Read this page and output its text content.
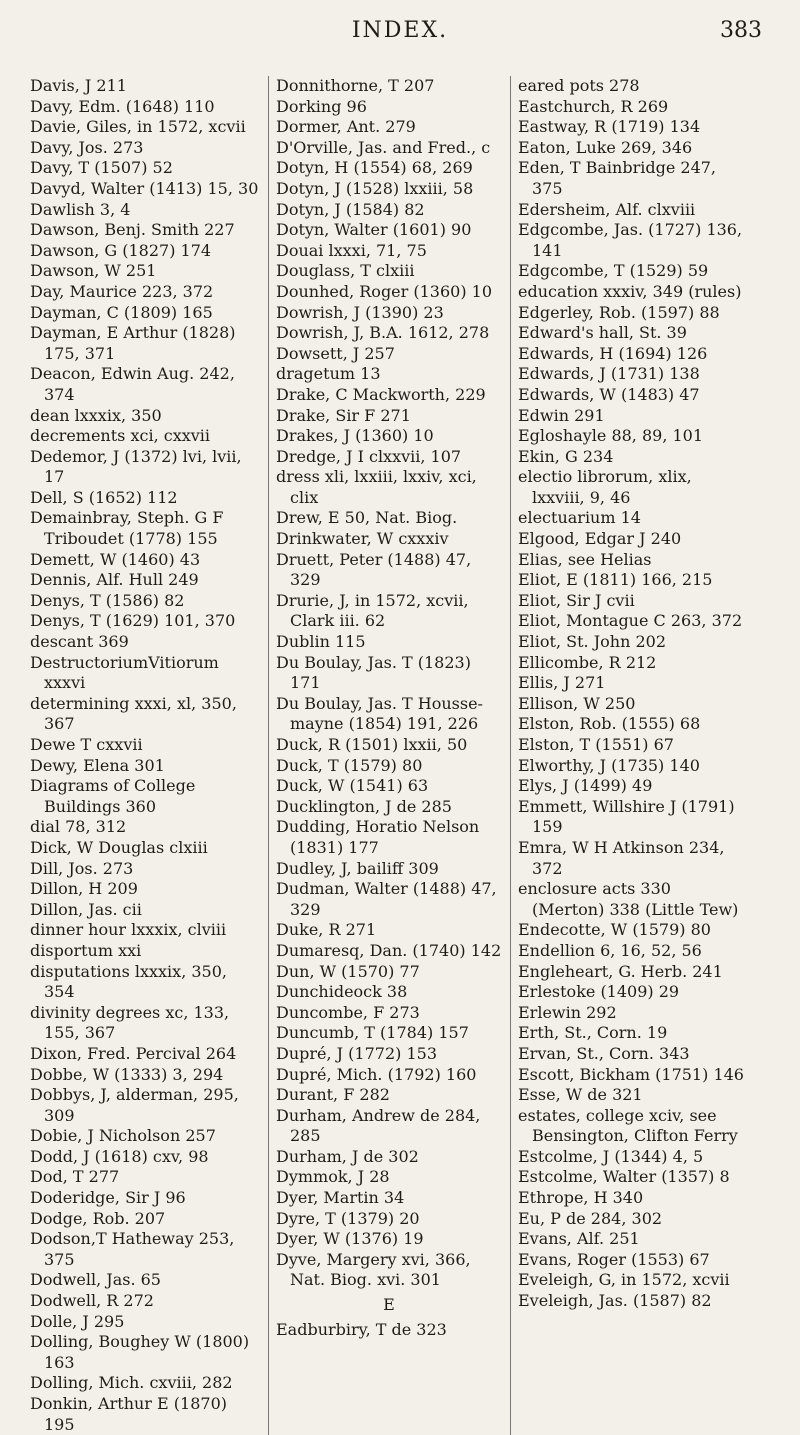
INDEX.	383
Davis, J 211
Davy, Edm. (1648) 110
Davie, Giles, in 1572, xcvii
Davy, Jos. 273
Davy, T (1507) 52
Davyd, Walter (1413) 15, 30
Dawlish 3, 4
Dawson, Benj. Smith 227
Dawson, G (1827) 174
Dawson, W 251
Day, Maurice 223, 372
Dayman, C (1809) 165
Dayman, E Arthur (1828) 175, 371
Deacon, Edwin Aug. 242, 374
dean lxxxix, 350
decrements xci, cxxvii
Dedemor, J (1372) lvi, lvii, 17
Dell, S (1652) 112
Demainbray, Steph. G F Triboudet (1778) 155
Demett, W (1460) 43
Dennis, Alf. Hull 249
Denys, T (1586) 82
Denys, T (1629) 101, 370
descant 369
DestructoriumVitiorum xxxvi
determining xxxi, xl, 350, 367
Dewe T cxxvii
Dewy, Elena 301
Diagrams of College Buildings 360
dial 78, 312
Dick, W Douglas clxiii
Dill, Jos. 273
Dillon, H 209
Dillon, Jas. cii
dinner hour lxxxix, clviii
disportum xxi
disputations lxxxix, 350, 354
divinity degrees xc, 133, 155, 367
Dixon, Fred. Percival 264
Dobbe, W (1333) 3, 294
Dobbys, J, alderman, 295, 309
Dobie, J Nicholson 257
Dodd, J (1618) cxv, 98
Dod, T 277
Doderidge, Sir J 96
Dodge, Rob. 207
Dodson,T Hatheway 253, 375
Dodwell, Jas. 65
Dodwell, R 272
Dolle, J 295
Dolling, Boughey W (1800) 163
Dolling, Mich. cxviii, 282
Donkin, Arthur E (1870) 195
Donnithorne, T 207
Dorking 96
Dormer, Ant. 279
D'Orville, Jas. and Fred., c
Dotyn, H (1554) 68, 269
Dotyn, J (1528) lxxiii, 58
Dotyn, J (1584) 82
Dotyn, Walter (1601) 90
Douai lxxxi, 71, 75
Douglass, T clxiii
Dounhed, Roger (1360) 10
Dowrish, J (1390) 23
Dowrish, J, B.A. 1612, 278
Dowsett, J 257
dragetum 13
Drake, C Mackworth, 229
Drake, Sir F 271
Drakes, J (1360) 10
Dredge, J I clxxvii, 107
dress xli, lxxiii, lxxiv, xci, clix
Drew, E 50, Nat. Biog.
Drinkwater, W cxxxiv
Druett, Peter (1488) 47, 329
Drurie, J, in 1572, xcvii, Clark iii. 62
Dublin 115
Du Boulay, Jas. T (1823) 171
Du Boulay, Jas. T Housse-mayne (1854) 191, 226
Duck, R (1501) lxxii, 50
Duck, T (1579) 80
Duck, W (1541) 63
Ducklington, J de 285
Dudding, Horatio Nelson (1831) 177
Dudley, J, bailiff 309
Dudman, Walter (1488) 47, 329
Duke, R 271
Dumaresq, Dan. (1740) 142
Dun, W (1570) 77
Dunchideock 38
Duncombe, F 273
Duncumb, T (1784) 157
Dupré, J (1772) 153
Dupré, Mich. (1792) 160
Durant, F 282
Durham, Andrew de 284, 285
Durham, J de 302
Dymmok, J 28
Dyer, Martin 34
Dyre, T (1379) 20
Dyer, W (1376) 19
Dyve, Margery xvi, 366, Nat. Biog. xvi. 301
E
Eadburbiry, T de 323
eared pots 278
Eastchurch, R 269
Eastway, R (1719) 134
Eaton, Luke 269, 346
Eden, T Bainbridge 247, 375
Edersheim, Alf. clxviii
Edgcombe, Jas. (1727) 136, 141
Edgcombe, T (1529) 59
education xxxiv, 349 (rules)
Edgerley, Rob. (1597) 88
Edward's hall, St. 39
Edwards, H (1694) 126
Edwards, J (1731) 138
Edwards, W (1483) 47
Edwin 291
Egloshayle 88, 89, 101
Ekin, G 234
electio librorum, xlix, lxxviii, 9, 46
electuarium 14
Elgood, Edgar J 240
Elias, see Helias
Eliot, E (1811) 166, 215
Eliot, Sir J cvii
Eliot, Montague C 263, 372
Eliot, St. John 202
Ellicombe, R 212
Ellis, J 271
Ellison, W 250
Elston, Rob. (1555) 68
Elston, T (1551) 67
Elworthy, J (1735) 140
Elys, J (1499) 49
Emmett, Willshire J (1791) 159
Emra, W H Atkinson 234, 372
enclosure acts 330 (Merton) 338 (Little Tew)
Endecotte, W (1579) 80
Endellion 6, 16, 52, 56
Engleheart, G. Herb. 241
Erlestoke (1409) 29
Erlewin 292
Erth, St., Corn. 19
Ervan, St., Corn. 343
Escott, Bickham (1751) 146
Esse, W de 321
estates, college xciv, see Bensington, Clifton Ferry
Estcolme, J (1344) 4, 5
Estcolme, Walter (1357) 8
Ethrope, H 340
Eu, P de 284, 302
Evans, Alf. 251
Evans, Roger (1553) 67
Eveleigh, G, in 1572, xcvii
Eveleigh, Jas. (1587) 82
